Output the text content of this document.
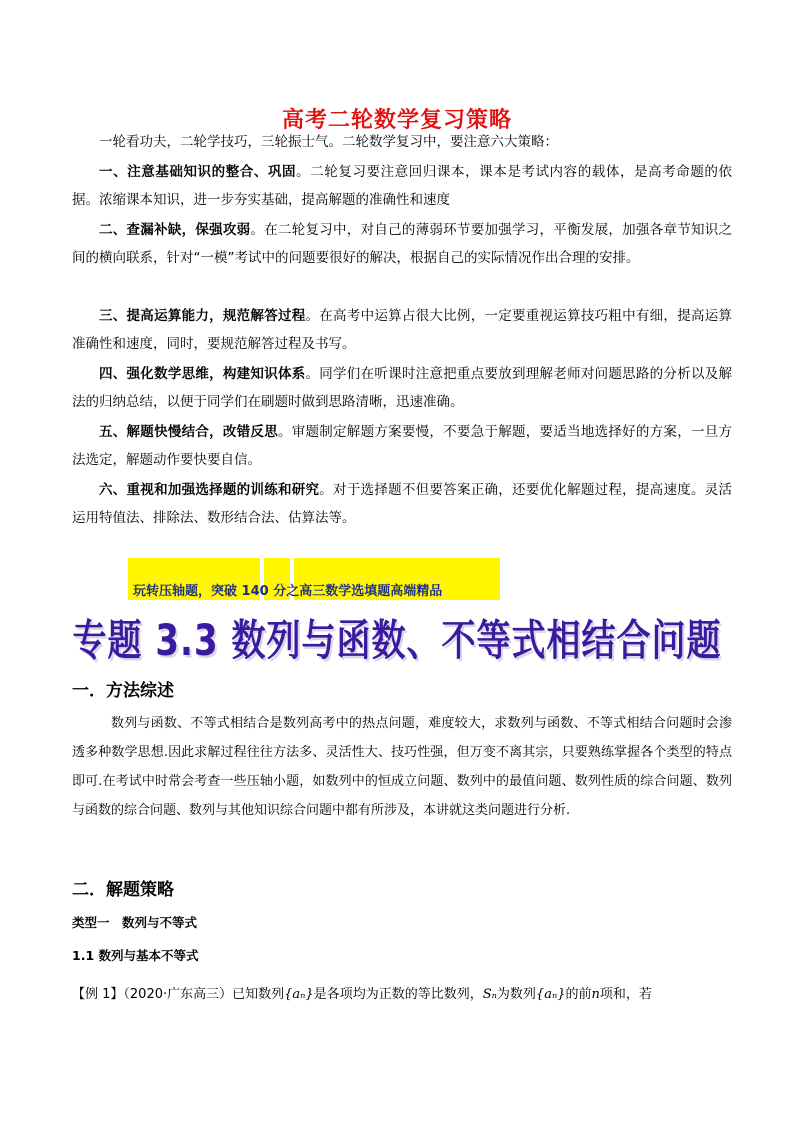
高考二轮数学复习策略
一轮看功夫，二轮学技巧，三轮振士气。二轮数学复习中，要注意六大策略：
一、注意基础知识的整合、巩固。二轮复习要注意回归课本，课本是考试内容的载体，是高考命题的依据。浓缩课本知识，进一步夯实基础，提高解题的准确性和速度
二、查漏补缺，保强攻弱。在二轮复习中，对自己的薄弱环节要加强学习，平衡发展，加强各章节知识之间的横向联系，针对“一模”考试中的问题要很好的解决，根据自己的实际情况作出合理的安排。
三、提高运算能力，规范解答过程。在高考中运算占很大比例，一定要重视运算技巧粗中有细，提高运算准确性和速度，同时，要规范解答过程及书写。
四、强化数学思维，构建知识体系。同学们在听课时注意把重点要放到理解老师对问题思路的分析以及解法的归纳总结，以便于同学们在刷题时做到思路清晰，迅速准确。
五、解题快慢结合，改错反思。审题制定解题方案要慢，不要急于解题，要适当地选择好的方案，一旦方法选定，解题动作要快要自信。
六、重视和加强选择题的训练和研究。对于选择题不但要答案正确，还要优化解题过程，提高速度。灵活运用特值法、排除法、数形结合法、估算法等。
玩转压轴题，突破 140 分之高三数学选填题高端精品
专题 3.3 数列与函数、不等式相结合问题
一．方法综述
数列与函数、不等式相结合是数列高考中的热点问题，难度较大，求数列与函数、不等式相结合问题时会渗透多种数学思想.因此求解过程往往方法多、灵活性大、技巧性强，但万变不离其宗，只要熟练掌握各个类型的特点即可.在考试中时常会考查一些压轴小题，如数列中的恒成立问题、数列中的最值问题、数列性质的综合问题、数列与函数的综合问题、数列与其他知识综合问题中都有所涉及，本讲就这类问题进行分析.
二．解题策略
类型一　数列与不等式
1.1 数列与基本不等式
【例 1】（2020·广东高三）已知数列{aₙ}是各项均为正数的等比数列，Sₙ为数列{aₙ}的前n项和，若
